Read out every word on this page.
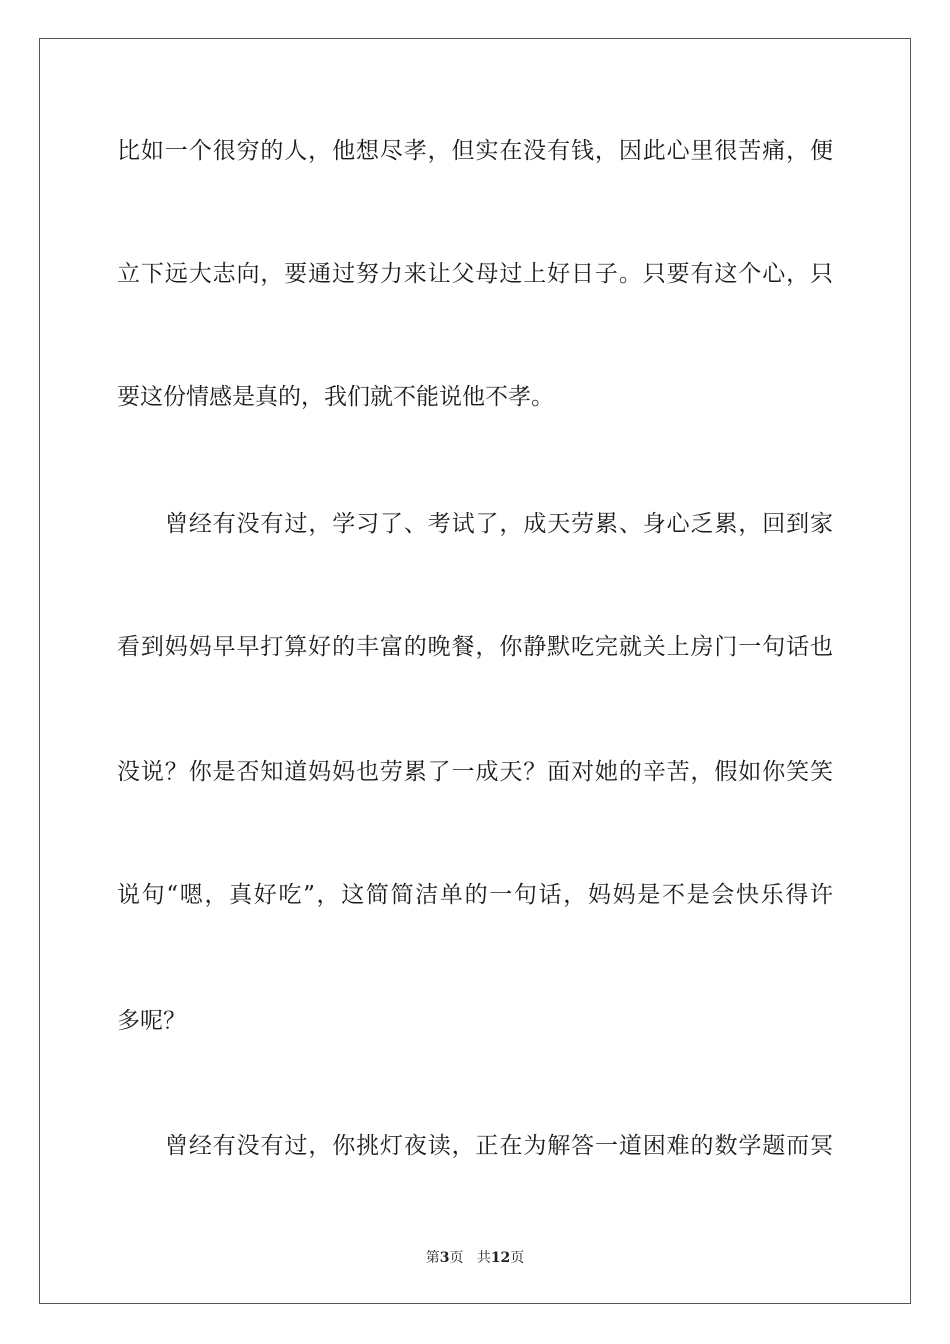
比如一个很穷的人，他想尽孝，但实在没有钱，因此心里很苦痛，便
立下远大志向，要通过努力来让父母过上好日子。只要有这个心，只
要这份情感是真的，我们就不能说他不孝。
曾经有没有过，学习了、考试了，成天劳累、身心乏累，回到家
看到妈妈早早打算好的丰富的晚餐，你静默吃完就关上房门一句话也
没说？你是否知道妈妈也劳累了一成天？面对她的辛苦，假如你笑笑
说句“嗯，真好吃”，这简简洁单的一句话，妈妈是不是会快乐得许
多呢？
曾经有没有过，你挑灯夜读，正在为解答一道困难的数学题而冥
第3页 共12页
